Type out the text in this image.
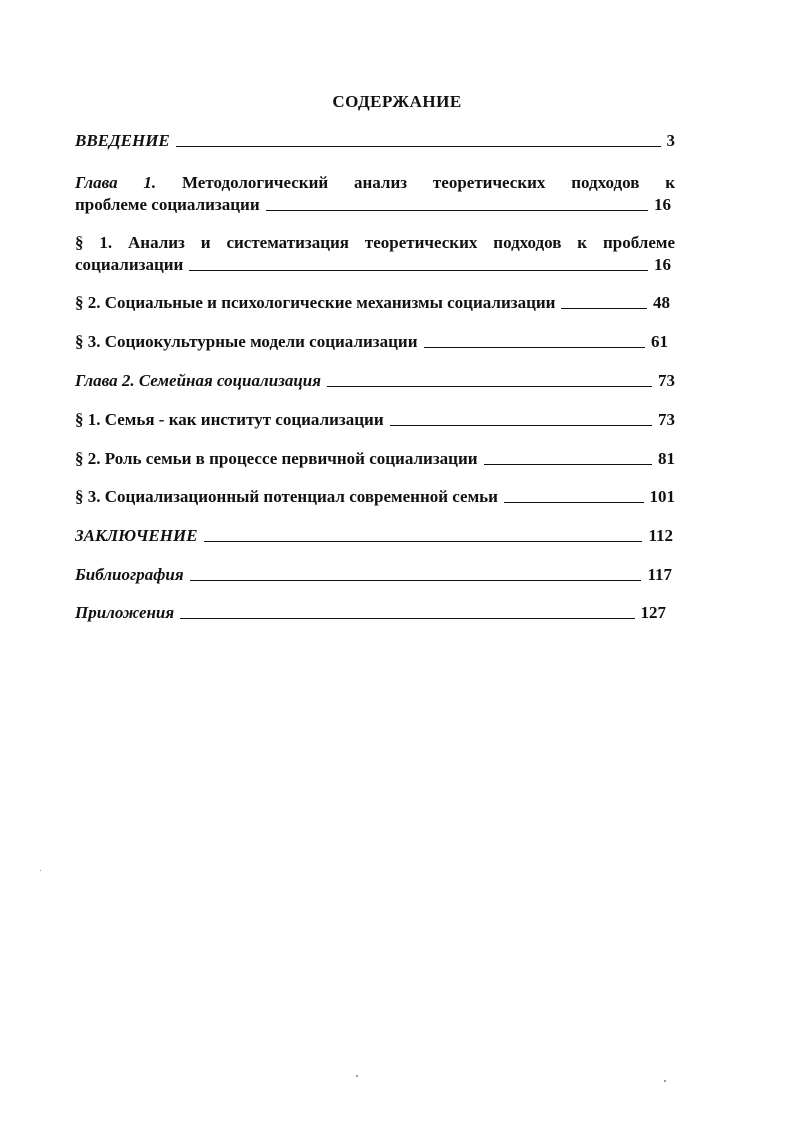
СОДЕРЖАНИЕ
ВВЕДЕНИЕ	3
Глава 1. Методологический анализ теоретических подходов к
проблеме социализации	16
§ 1. Анализ и систематизация теоретических подходов к проблеме
социализации	16
§ 2. Социальные и психологические механизмы социализации	48
§ 3. Социокультурные модели социализации	61
Глава 2. Семейная социализация	73
§ 1. Семья - как институт социализации	73
§ 2. Роль семьи в процессе первичной социализации	81
§ 3. Социализационный потенциал современной семьи	101
ЗАКЛЮЧЕНИЕ	112
Библиография	117
Приложения	127
